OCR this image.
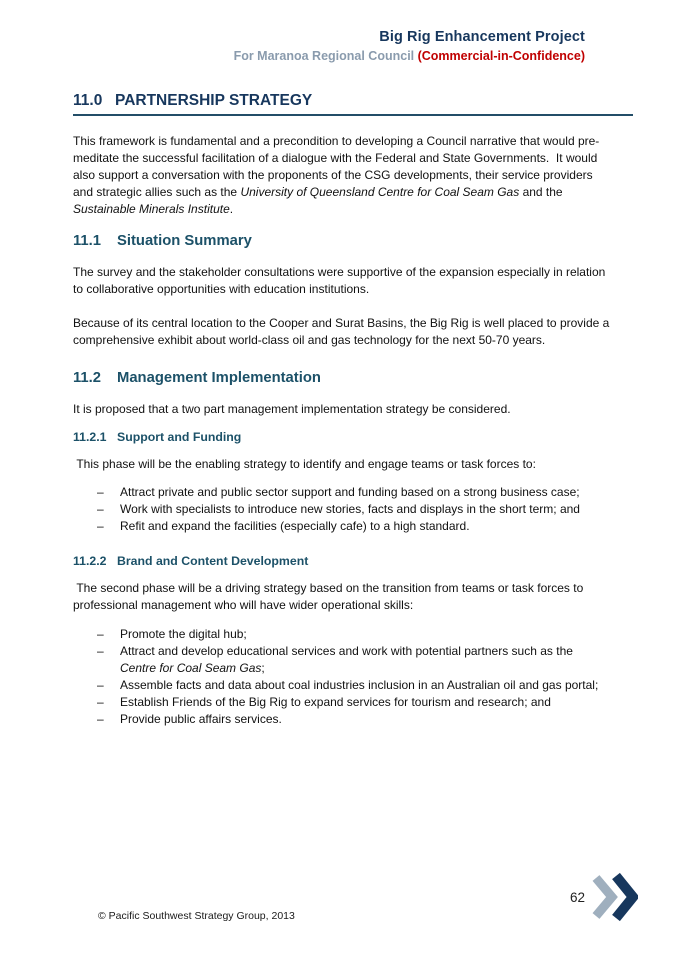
Big Rig Enhancement Project
For Maranoa Regional Council (Commercial-in-Confidence)
11.0 PARTNERSHIP STRATEGY

This framework is fundamental and a precondition to developing a Council narrative that would pre-meditate the successful facilitation of a dialogue with the Federal and State Governments.  It would also support a conversation with the proponents of the CSG developments, their service providers and strategic allies such as the University of Queensland Centre for Coal Seam Gas and the Sustainable Minerals Institute.

11.1 Situation Summary

The survey and the stakeholder consultations were supportive of the expansion especially in relation to collaborative opportunities with education institutions.

Because of its central location to the Cooper and Surat Basins, the Big Rig is well placed to provide a comprehensive exhibit about world-class oil and gas technology for the next 50-70 years.

11.2 Management Implementation

It is proposed that a two part management implementation strategy be considered.

11.2.1 Support and Funding

This phase will be the enabling strategy to identify and engage teams or task forces to:

–	Attract private and public sector support and funding based on a strong business case;
–	Work with specialists to introduce new stories, facts and displays in the short term; and
–	Refit and expand the facilities (especially cafe) to a high standard.
11.2.2 Brand and Content Development

The second phase will be a driving strategy based on the transition from teams or task forces to professional management who will have wider operational skills:

–	Promote the digital hub;
–	Attract and develop educational services and work with potential partners such as the Centre for Coal Seam Gas;
–	Assemble facts and data about coal industries inclusion in an Australian oil and gas portal;
–	Establish Friends of the Big Rig to expand services for tourism and research; and
–	Provide public affairs services.
© Pacific Southwest Strategy Group, 2013
62
